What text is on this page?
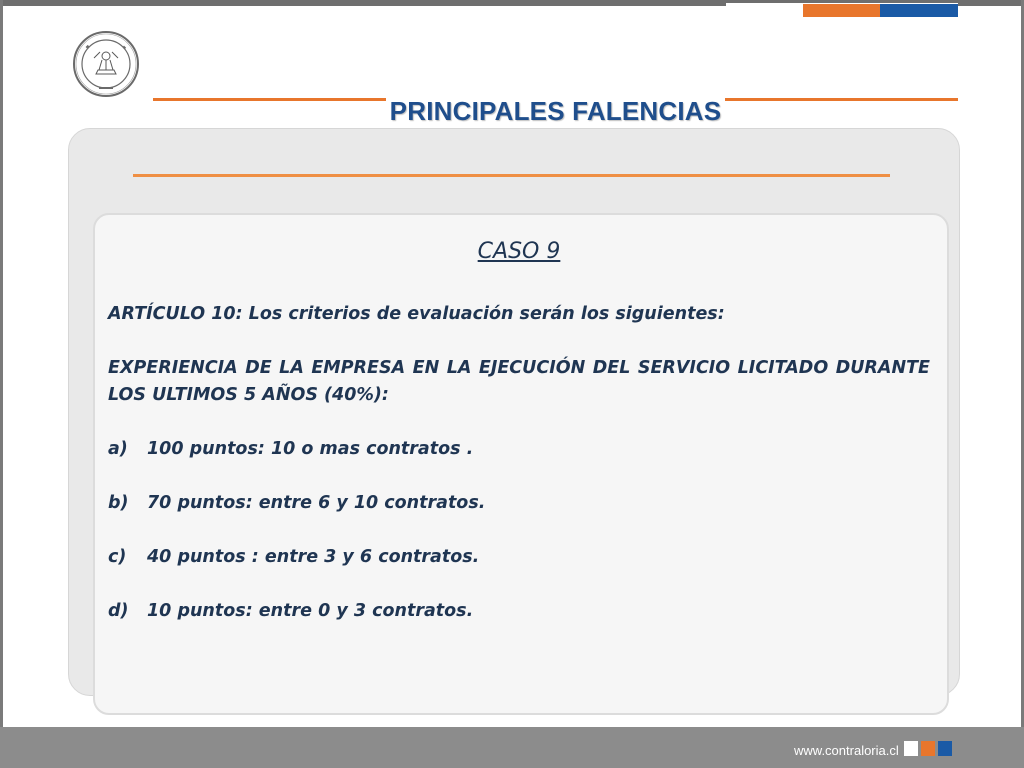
PRINCIPALES FALENCIAS
CASO 9
ARTÍCULO 10: Los criterios de evaluación serán los siguientes:
EXPERIENCIA DE LA EMPRESA EN LA EJECUCIÓN DEL SERVICIO LICITADO DURANTE LOS ULTIMOS 5 AÑOS (40%):
a)	100 puntos: 10 o mas contratos .
b)	70 puntos: entre 6 y 10 contratos.
c)	40 puntos : entre 3 y 6 contratos.
d)	10 puntos: entre 0 y 3 contratos.
www.contraloria.cl
